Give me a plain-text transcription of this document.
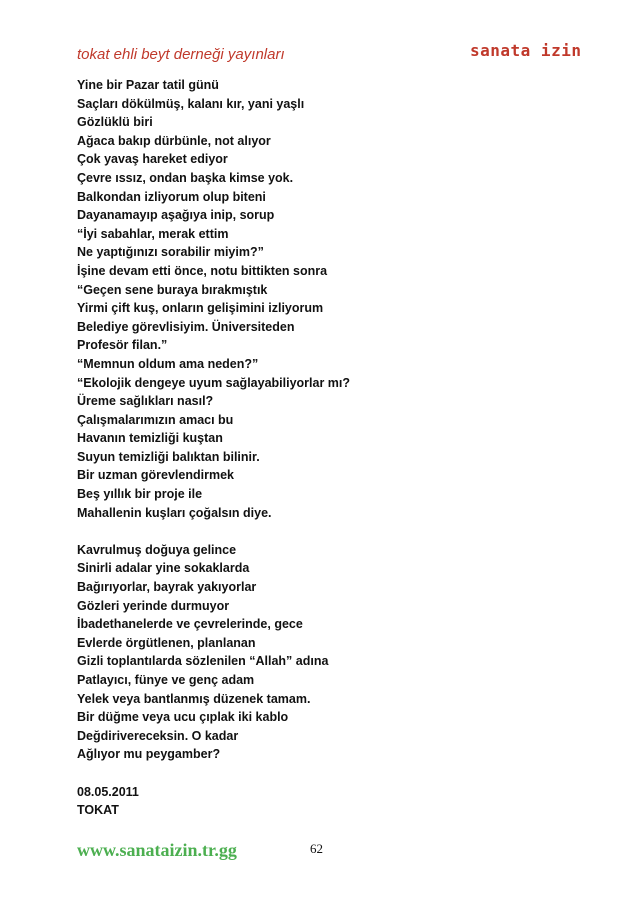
tokat ehli beyt derneği yayınları	sanata izin
Yine bir Pazar tatil günü
Saçları dökülmüş, kalanı kır, yani yaşlı
Gözlüklü biri
Ağaca bakıp dürbünle, not alıyor
Çok yavaş hareket ediyor
Çevre ıssız, ondan başka kimse yok.
Balkondan izliyorum olup biteni
Dayanamayıp aşağıya inip, sorup
“İyi sabahlar, merak ettim
Ne yaptığınızı sorabilir miyim?”
İşine devam etti önce, notu bittikten sonra
“Geçen sene buraya bırakmıştık
Yirmi çift kuş, onların gelişimini izliyorum
Belediye görevlisiyim. Üniversiteden
Profesör filan.”
“Memnun oldum ama neden?”
“Ekolojik dengeye uyum sağlayabiliyorlar mı?
Üreme sağlıkları nasıl?
Çalışmalarımızın amacı bu
Havanın temizliği kuştan
Suyun temizliği balıktan bilinir.
Bir uzman görevlendirmek
Beş yıllık bir proje ile
Mahallenin kuşları çoğalsın diye.
Kavrulmuş doğuya gelince
Sinirli adalar yine sokaklarda
Bağırıyorlar, bayrak yakıyorlar
Gözleri yerinde durmuyor
İbadethanelerde ve çevrelerinde, gece
Evlerde örgütlenen, planlanan
Gizli toplantılarda sözlenilen “Allah” adına
Patlayıcı, fünye ve genç adam
Yelek veya bantlanmış düzenek tamam.
Bir düğme veya ucu çıplak iki kablo
Değdirivereceksin. O kadar
Ağlıyor mu peygamber?
08.05.2011
TOKAT
www.sanataizin.tr.gg	62
